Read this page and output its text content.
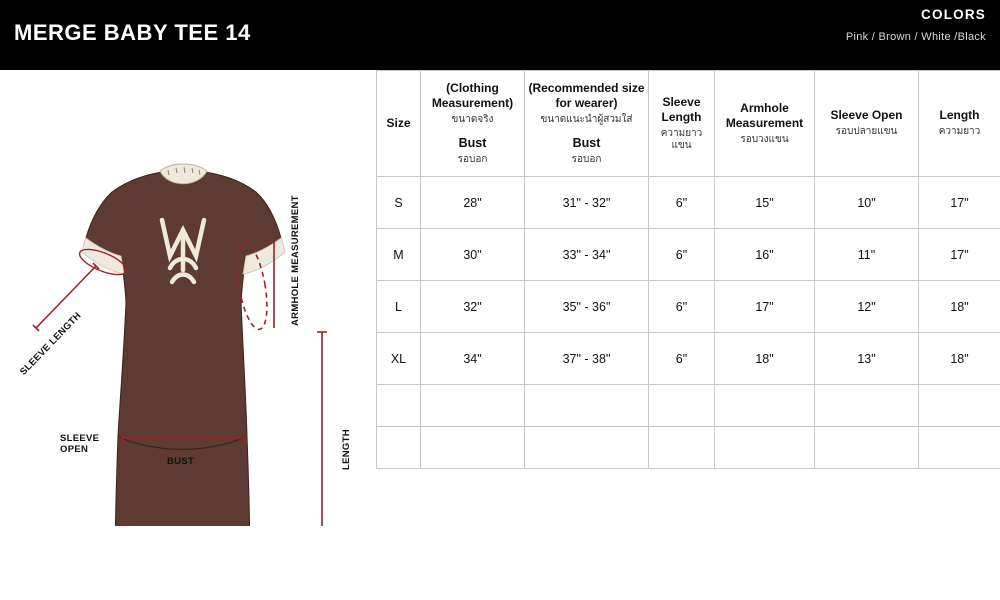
MERGE BABY TEE 14
COLORS
Pink / Brown / White /Black
SLEEVE LENGTH
ARMHOLE MEASUREMENT
SLEEVE OPEN
BUST	LENGTH
Size	(Clothing Measurement)
ขนาดจริง
Bust
รอบอก	(Recommended size for wearer)
ขนาดแนะนำผู้สวมใส่
Bust
รอบอก	Sleeve Length
ความยาวแขน	Armhole Measurement
รอบวงแขน	Sleeve Open
รอบปลายแขน	Length
ความยาว

S	28"	31" - 32"	6"	15"	10"	17"
M	30"	33" - 34"	6"	16"	11"	17"
L	32"	35" - 36"	6"	17"	12"	18"
XL	34"	37" - 38"	6"	18"	13"	18"
